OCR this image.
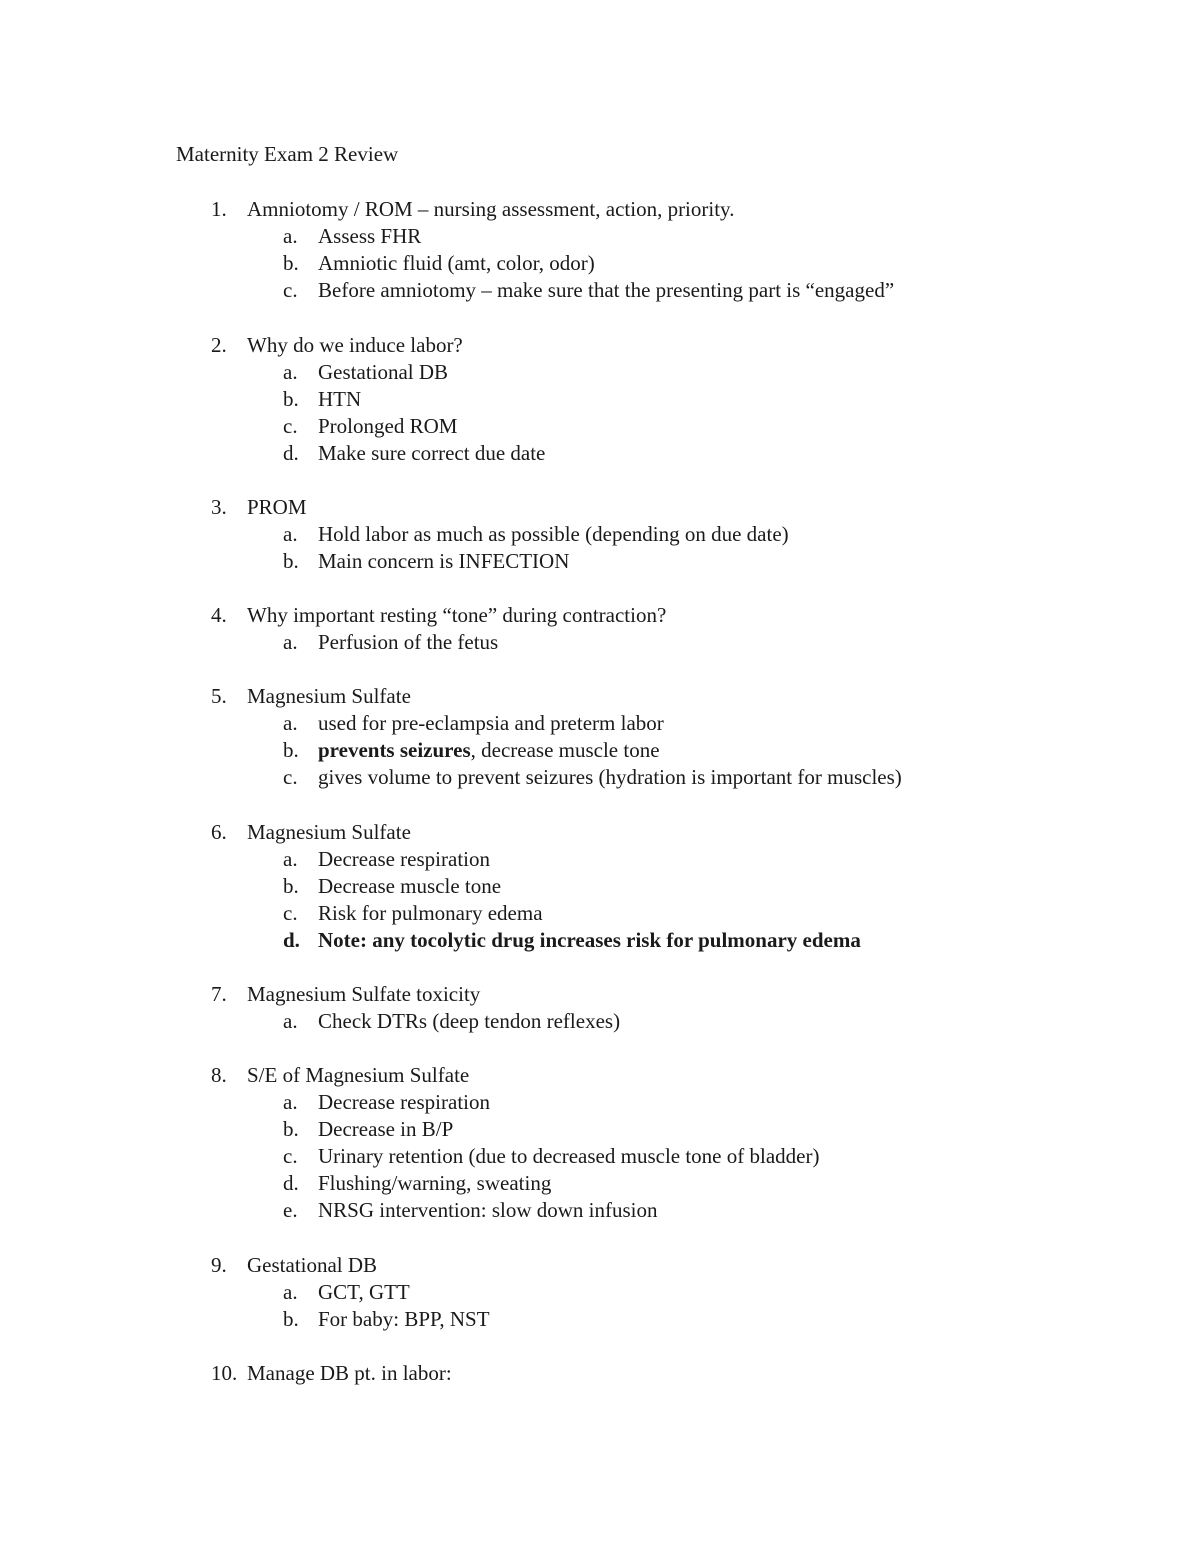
Maternity Exam 2 Review
1. Amniotomy / ROM – nursing assessment, action, priority.
a. Assess FHR
b. Amniotic fluid (amt, color, odor)
c. Before amniotomy – make sure that the presenting part is “engaged”
2. Why do we induce labor?
a. Gestational DB
b. HTN
c. Prolonged ROM
d. Make sure correct due date
3. PROM
a. Hold labor as much as possible (depending on due date)
b. Main concern is INFECTION
4. Why important resting “tone” during contraction?
a. Perfusion of the fetus
5. Magnesium Sulfate
a. used for pre-eclampsia and preterm labor
b. prevents seizures, decrease muscle tone
c. gives volume to prevent seizures (hydration is important for muscles)
6. Magnesium Sulfate
a. Decrease respiration
b. Decrease muscle tone
c. Risk for pulmonary edema
d. Note: any tocolytic drug increases risk for pulmonary edema
7. Magnesium Sulfate toxicity
a. Check DTRs (deep tendon reflexes)
8. S/E of Magnesium Sulfate
a. Decrease respiration
b. Decrease in B/P
c. Urinary retention (due to decreased muscle tone of bladder)
d. Flushing/warning, sweating
e. NRSG intervention: slow down infusion
9. Gestational DB
a. GCT, GTT
b. For baby: BPP, NST
10. Manage DB pt. in labor:
